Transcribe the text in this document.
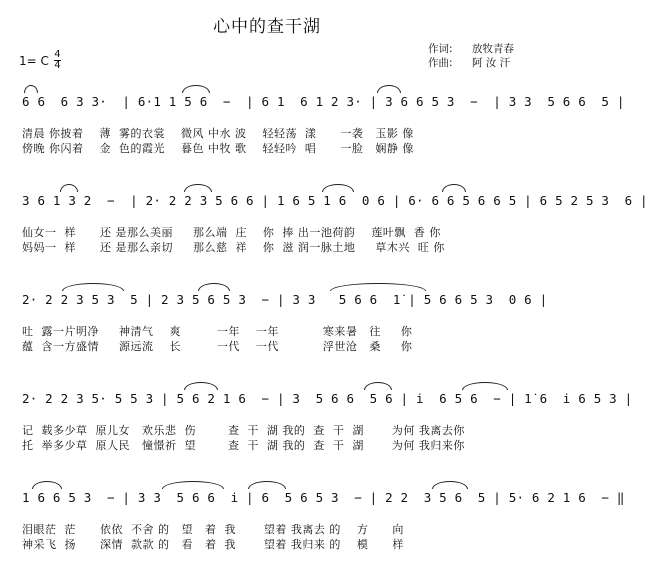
心中的查干湖
1= C $\frac{4}{4}$
作词:	放牧青春
作曲:	阿 汝 汗
6 6  6 3 3·  | 6·1 1 5 6  −  | 6 1  6 1 2 3· | 3 6 6 5 3  −  | 3 3  5 6 6  5 |
清晨 你披着    薄  雾的衣裳    微风 中水 波    轻轻荡  漾      一袭   玉影 像
傍晚 你闪着    金  色的霞光    暮色 中牧 歌    轻轻吟  唱      一脸   娴静 像
3 6 1 3 2  −  | 2· 2 2 3 5 6 6 | 1 6 5 1 6  0 6 | 6· 6 6 5 6 6 5 | 6 5 2 5 3  6 |
仙女一  样      还 是那么美丽     那么端  庄    你  捧 出一池荷韵    莲叶飘  香 你
妈妈一  样      还 是那么亲切     那么慈  祥    你  滋 润一脉土地     草木兴  旺 你
2· 2 2 3 5 3  5 | 2 3 5 6 5 3  − | 3 3   5 6 6  1̇ | 5 6 6 5 3  0 6 |
吐  露一片明净     神清气    爽         一年    一年           寒来暑   往     你
蕴  含一方盛情     源远流    长         一代    一代           浮世沧   桑     你
2· 2 2 3 5· 5 5 3 | 5 6 2 1 6  − | 3  5 6 6  5 6 | i  6 5 6  − | 1̇ 6  i 6 5 3 |
记  载多少草  原儿女   欢乐悲  伤        查  干  湖 我的  查  干  湖       为何 我离去你
托  举多少草  原人民   憧憬祈  望        查  干  湖 我的  查  干  湖       为何 我归来你
1 6 6 5 3  − | 3 3  5 6 6  i | 6  5 6 5 3  − | 2 2  3 5 6  5 | 5· 6 2 1 6  − ‖
泪眼茫  茫      依依  不舍 的   望   着  我       望着 我离去 的    方      向
神采飞  扬      深情  款款 的   看   着  我       望着 我归来 的    模      样
